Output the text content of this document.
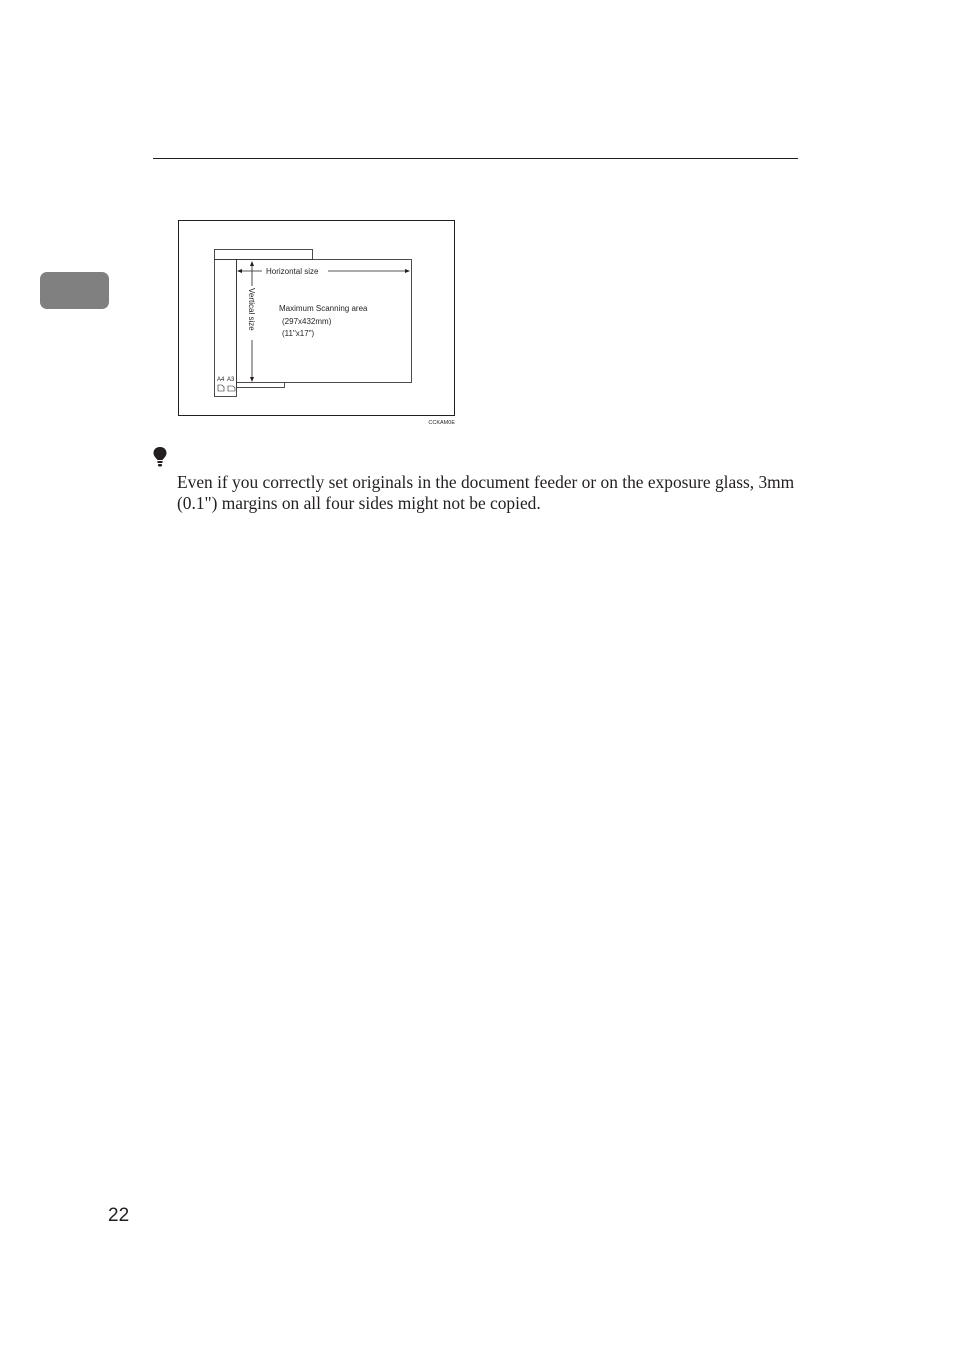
Horizontal size
Vertical size	Maximum Scanning area
(297x432mm)
(11"x17")
A4 A3
CCKAM0E

Even if you correctly set originals in the document feeder or on the exposure glass, 3mm (0.1") margins on all four sides might not be copied.

22
